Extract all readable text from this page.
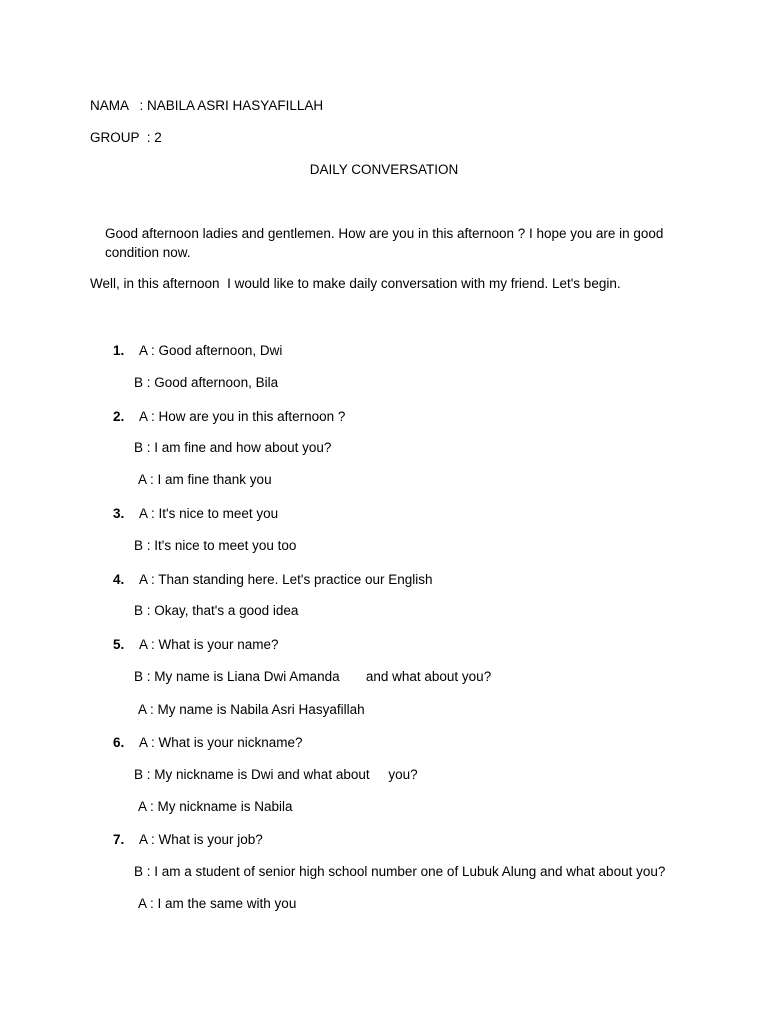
NAMA   : NABILA ASRI HASYAFILLAH
GROUP  : 2
DAILY CONVERSATION
Good afternoon ladies and gentlemen. How are you in this afternoon ? I hope you are in good condition now.
Well, in this afternoon  I would like to make daily conversation with my friend. Let's begin.
1. A : Good afternoon, Dwi
B : Good afternoon, Bila
2. A : How are you in this afternoon ?
B : I am fine and how about you?
A : I am fine thank you
3. A : It's nice to meet you
B : It's nice to meet you too
4. A : Than standing here. Let's practice our English
B : Okay, that's a good idea
5. A : What is your name?
B : My name is Liana Dwi Amanda       and what about you?
A : My name is Nabila Asri Hasyafillah
6. A : What is your nickname?
B : My nickname is Dwi and what about     you?
A : My nickname is Nabila
7. A : What is your job?
B : I am a student of senior high school number one of Lubuk Alung and what about you?
A : I am the same with you
